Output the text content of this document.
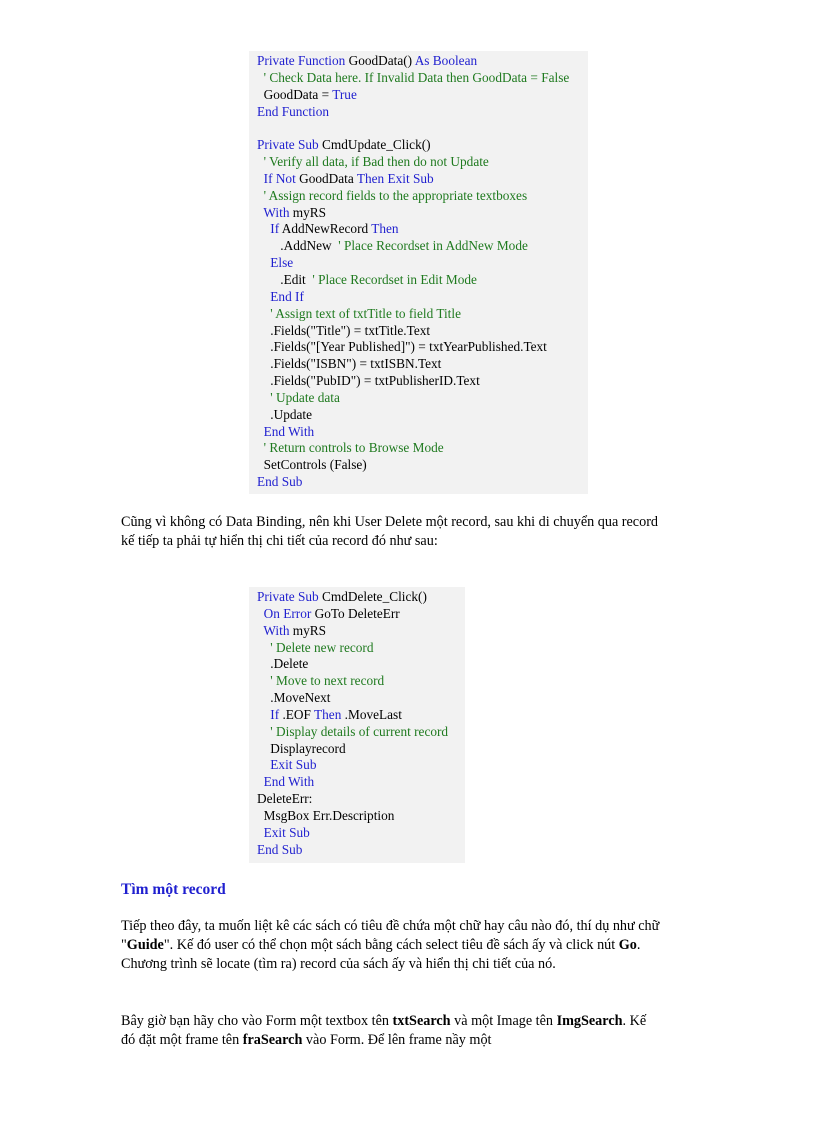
Private Function GoodData() As Boolean
' Check Data here. If Invalid Data then GoodData = False
GoodData = True
End Function
Private Sub CmdUpdate_Click()
' Verify all data, if Bad then do not Update
If Not GoodData Then Exit Sub
' Assign record fields to the appropriate textboxes
With myRS
If AddNewRecord Then
.AddNew  ' Place Recordset in AddNew Mode
Else
.Edit  ' Place Recordset in Edit Mode
End If
' Assign text of txtTitle to field Title
.Fields("Title") = txtTitle.Text
.Fields("[Year Published]") = txtYearPublished.Text
.Fields("ISBN") = txtISBN.Text
.Fields("PubID") = txtPublisherID.Text
' Update data
.Update
End With
' Return controls to Browse Mode
SetControls (False)
End Sub

Cũng vì không có Data Binding, nên khi User Delete một record, sau khi di chuyển qua record kế tiếp ta phải tự hiển thị chi tiết của record đó như sau:

Private Sub CmdDelete_Click()
On Error GoTo DeleteErr
With myRS
' Delete new record
.Delete
' Move to next record
.MoveNext
If .EOF Then .MoveLast
' Display details of current record
Displayrecord
Exit Sub
End With
DeleteErr:
MsgBox Err.Description
Exit Sub
End Sub
Tìm một record

Tiếp theo đây, ta muốn liệt kê các sách có tiêu đề chứa một chữ hay câu nào đó, thí dụ như chữ "Guide". Kế đó user có thể chọn một sách bằng cách select tiêu đề sách ấy và click nút Go. Chương trình sẽ locate (tìm ra) record của sách ấy và hiển thị chi tiết của nó.

Bây giờ bạn hãy cho vào Form một textbox tên txtSearch và một Image tên ImgSearch. Kế đó đặt một frame tên fraSearch vào Form. Để lên frame nầy một
